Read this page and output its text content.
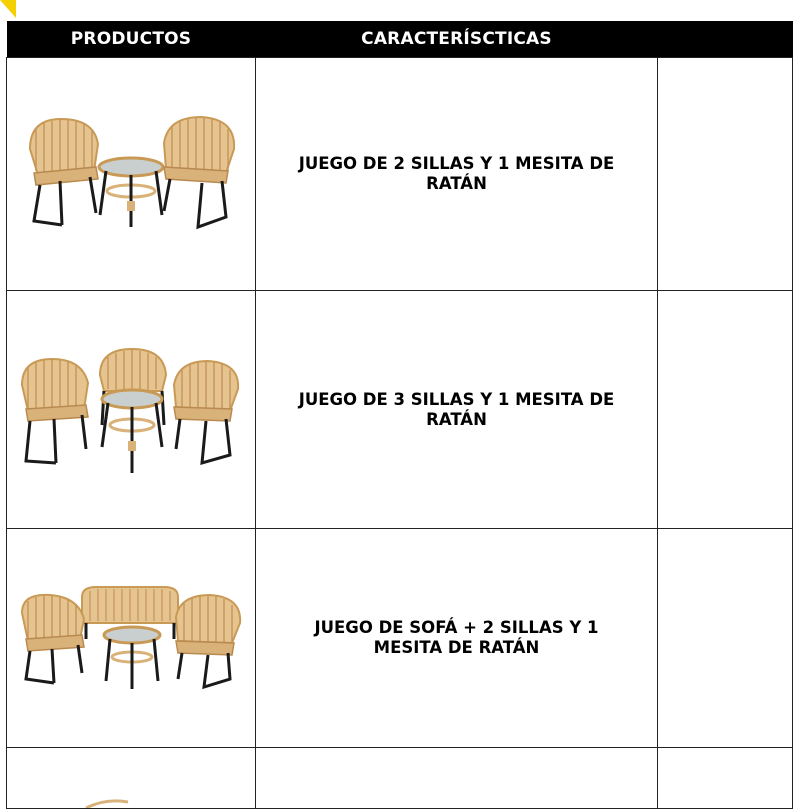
PRODUCTOS	CARACTERÍSCTICAS	

	JUEGO DE 2 SILLAS Y 1 MESITA DE RATÁN	

	JUEGO DE 3 SILLAS Y 1 MESITA DE RATÁN	

	JUEGO DE SOFÁ + 2 SILLAS Y 1 MESITA DE RATÁN	
